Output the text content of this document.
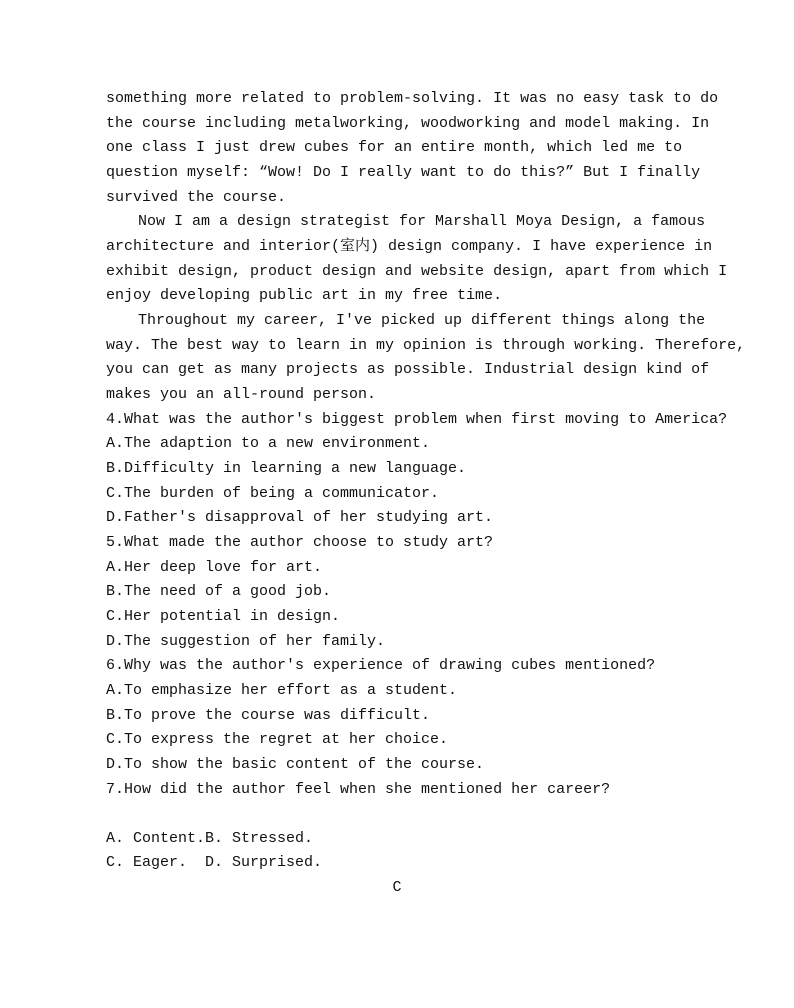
something more related to problem-solving. It was no easy task to do
the course including metalworking, woodworking and model making. In
one class I just drew cubes for an entire month, which led me to
question myself: “Wow! Do I really want to do this?” But I finally
survived the course.
Now I am a design strategist for Marshall Moya Design, a famous
architecture and interior(室内) design company. I have experience in
exhibit design, product design and website design, apart from which I
enjoy developing public art in my free time.
Throughout my career, I've picked up different things along the
way. The best way to learn in my opinion is through working. Therefore,
you can get as many projects as possible. Industrial design kind of
makes you an all-round person.
4.What was the author's biggest problem when first moving to America?
A.The adaption to a new environment.
B.Difficulty in learning a new language.
C.The burden of being a communicator.
D.Father's disapproval of her studying art.
5.What made the author choose to study art?
A.Her deep love for art.
B.The need of a good job.
C.Her potential in design.
D.The suggestion of her family.
6.Why was the author's experience of drawing cubes mentioned?
A.To emphasize her effort as a student.
B.To prove the course was difficult.
C.To express the regret at her choice.
D.To show the basic content of the course.
7.How did the author feel when she mentioned her career?
A. Content.B. Stressed.
C. Eager.  D. Surprised.
C
